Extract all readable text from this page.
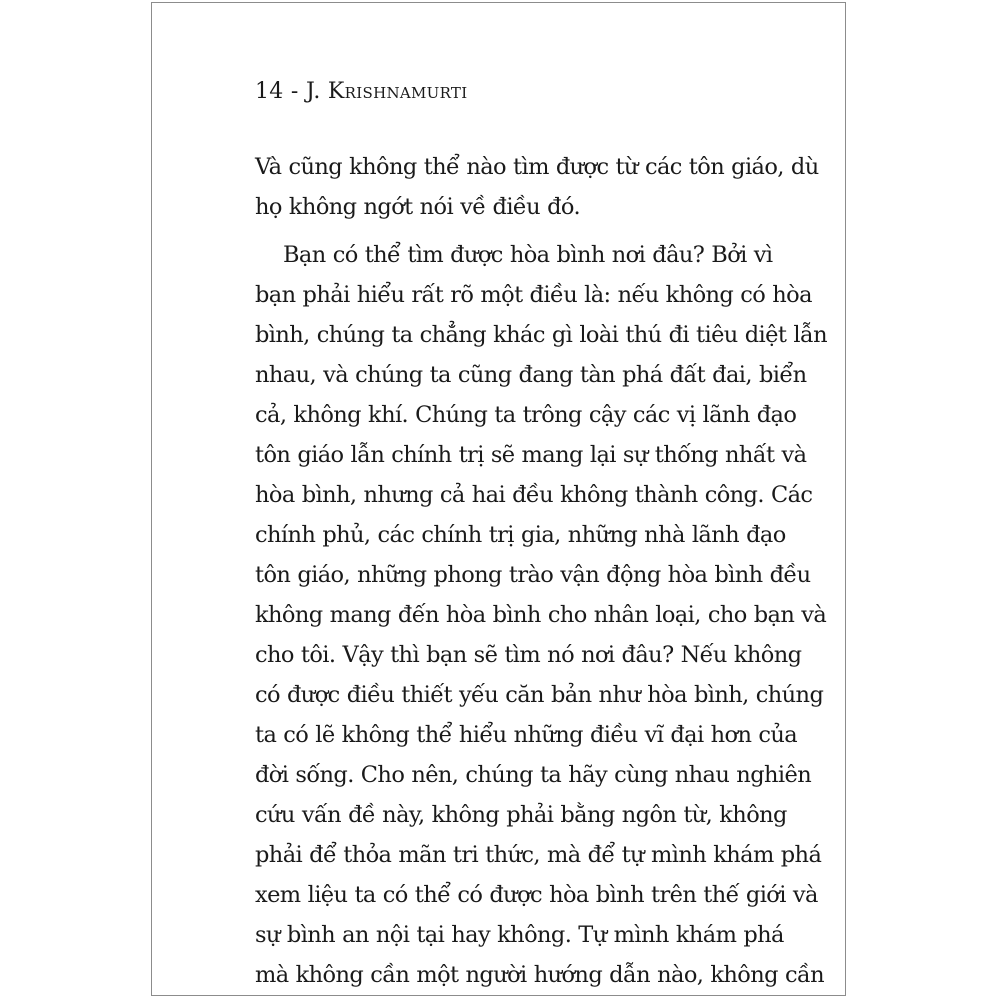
14 - J. Krishnamurti
Và cũng không thể nào tìm được từ các tôn giáo, dù
họ không ngớt nói về điều đó.
Bạn có thể tìm được hòa bình nơi đâu? Bởi vì
bạn phải hiểu rất rõ một điều là: nếu không có hòa
bình, chúng ta chẳng khác gì loài thú đi tiêu diệt lẫn
nhau, và chúng ta cũng đang tàn phá đất đai, biển
cả, không khí. Chúng ta trông cậy các vị lãnh đạo
tôn giáo lẫn chính trị sẽ mang lại sự thống nhất và
hòa bình, nhưng cả hai đều không thành công. Các
chính phủ, các chính trị gia, những nhà lãnh đạo
tôn giáo, những phong trào vận động hòa bình đều
không mang đến hòa bình cho nhân loại, cho bạn và
cho tôi. Vậy thì bạn sẽ tìm nó nơi đâu? Nếu không
có được điều thiết yếu căn bản như hòa bình, chúng
ta có lẽ không thể hiểu những điều vĩ đại hơn của
đời sống. Cho nên, chúng ta hãy cùng nhau nghiên
cứu vấn đề này, không phải bằng ngôn từ, không
phải để thỏa mãn tri thức, mà để tự mình khám phá
xem liệu ta có thể có được hòa bình trên thế giới và
sự bình an nội tại hay không. Tự mình khám phá
mà không cần một người hướng dẫn nào, không cần
